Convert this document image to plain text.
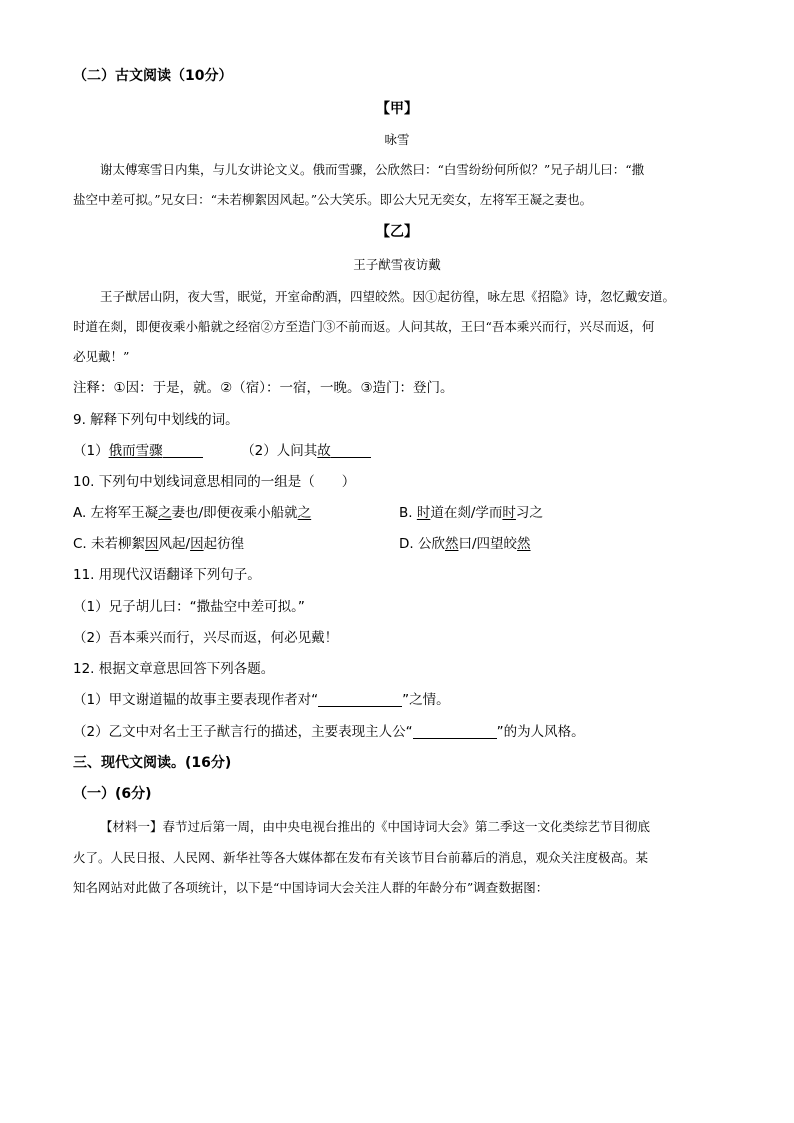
（二）古文阅读（10分）
【甲】
咏雪
谢太傅寒雪日内集，与儿女讲论文义。俄而雪骤，公欣然曰：“白雪纷纷何所似？”兄子胡儿曰：“撒
盐空中差可拟。”兄女曰：“未若柳絮因风起。”公大笑乐。即公大兄无奕女，左将军王凝之妻也。
【乙】
王子猷雪夜访戴
王子猷居山阴，夜大雪，眠觉，开室命酌酒，四望皎然。因①起彷徨，咏左思《招隐》诗，忽忆戴安道。
时道在剡，即便夜乘小船就之经宿②方至造门③不前而返。人问其故，王曰“吾本乘兴而行，兴尽而返，何
必见戴！”
注释：①因：于是，就。②（宿）：一宿，一晚。③造门：登门。
9. 解释下列句中划线的词。
（1）俄而雪骤	（2）人问其故
10. 下列句中划线词意思相同的一组是（　　）
A. 左将军王凝之妻也/即便夜乘小船就之	B. 时道在剡/学而时习之
C. 未若柳絮因风起/因起彷徨	D. 公欣然曰/四望皎然
11. 用现代汉语翻译下列句子。
（1）兄子胡儿曰：“撒盐空中差可拟。”
（2）吾本乘兴而行，兴尽而返，何必见戴！
12. 根据文章意思回答下列各题。
（1）甲文谢道韫的故事主要表现作者对“	”之情。
（2）乙文中对名士王子猷言行的描述，主要表现主人公“	”的为人风格。
三、现代文阅读。(16分)
（一）(6分)
【材料一】春节过后第一周，由中央电视台推出的《中国诗词大会》第二季这一文化类综艺节目彻底
火了。人民日报、人民网、新华社等各大媒体都在发布有关该节目台前幕后的消息，观众关注度极高。某
知名网站对此做了各项统计，以下是“中国诗词大会关注人群的年龄分布”调查数据图：
